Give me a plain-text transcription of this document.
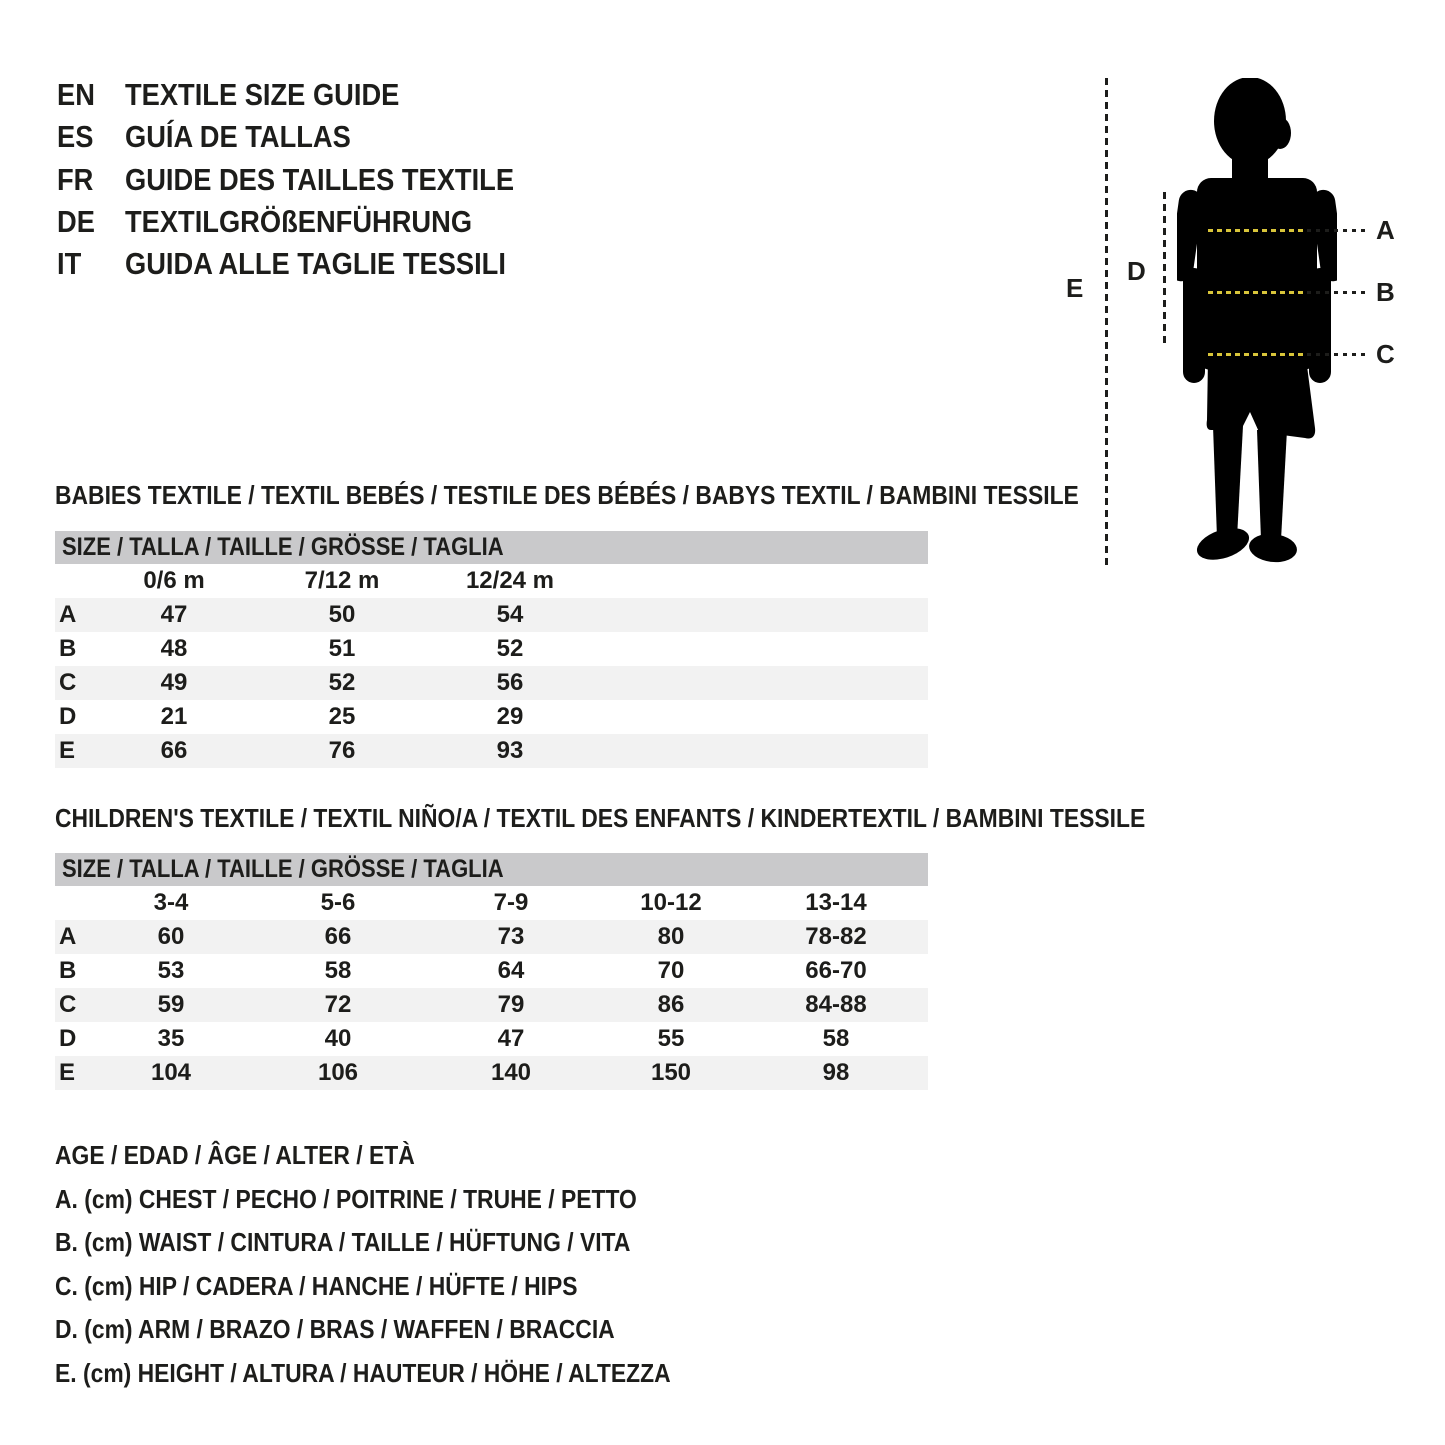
EN TEXTILE SIZE GUIDE
ES	GUÍA DE TALLAS
FR	GUIDE DES TAILLES TEXTILE
DE TEXTILGRÖßENFÜHRUNG
IT	GUIDA ALLE TAGLIE TESSILI
E
D
A
B
C
BABIES TEXTILE / TEXTIL BEBÉS / TESTILE DES BÉBÉS / BABYS TEXTIL / BAMBINI TESSILE
SIZE / TALLA / TAILLE / GRÖSSE / TAGLIA
0/6 m	7/12 m	12/24 m
A	47	50	54
B	48	51	52
C	49	52	56
D	21	25	29
E	66	76	93
CHILDREN'S TEXTILE / TEXTIL NIÑO/A / TEXTIL DES ENFANTS / KINDERTEXTIL / BAMBINI TESSILE
SIZE / TALLA / TAILLE / GRÖSSE / TAGLIA
3-4	5-6	7-9	10-12	13-14
A	60	66	73	80	78-82
B	53	58	64	70	66-70
C	59	72	79	86	84-88
D	35	40	47	55	58
E	104	106	140	150	98
AGE / EDAD / ÂGE / ALTER / ETÀ
A. (cm) CHEST / PECHO / POITRINE / TRUHE / PETTO
B. (cm) WAIST / CINTURA / TAILLE / HÜFTUNG / VITA
C. (cm) HIP / CADERA / HANCHE / HÜFTE / HIPS
D. (cm) ARM / BRAZO / BRAS / WAFFEN / BRACCIA
E. (cm) HEIGHT / ALTURA / HAUTEUR / HÖHE / ALTEZZA
